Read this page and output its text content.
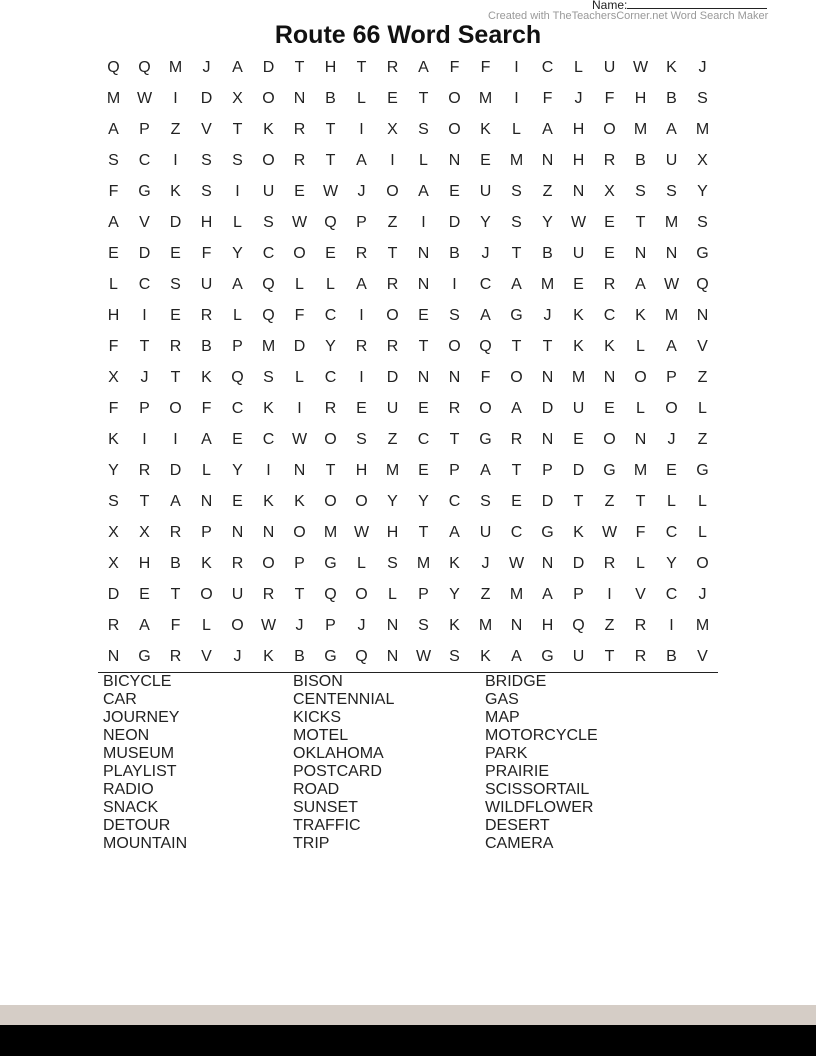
Name:
Created with TheTeachersCorner.net Word Search Maker
Route 66 Word Search
Q	Q	M	J	A	D	T	H	T	R	A	F	F	I	C	L	U	W	K	J
M	W	I	D	X	O	N	B	L	E	T	O	M	I	F	J	F	H	B	S
A	P	Z	V	T	K	R	T	I	X	S	O	K	L	A	H	O	M	A	M
S	C	I	S	S	O	R	T	A	I	L	N	E	M	N	H	R	B	U	X
F	G	K	S	I	U	E	W	J	O	A	E	U	S	Z	N	X	S	S	Y
A	V	D	H	L	S	W	Q	P	Z	I	D	Y	S	Y	W	E	T	M	S
E	D	E	F	Y	C	O	E	R	T	N	B	J	T	B	U	E	N	N	G
L	C	S	U	A	Q	L	L	A	R	N	I	C	A	M	E	R	A	W	Q
H	I	E	R	L	Q	F	C	I	O	E	S	A	G	J	K	C	K	M	N
F	T	R	B	P	M	D	Y	R	R	T	O	Q	T	T	K	K	L	A	V
X	J	T	K	Q	S	L	C	I	D	N	N	F	O	N	M	N	O	P	Z
F	P	O	F	C	K	I	R	E	U	E	R	O	A	D	U	E	L	O	L
K	I	I	A	E	C	W	O	S	Z	C	T	G	R	N	E	O	N	J	Z
Y	R	D	L	Y	I	N	T	H	M	E	P	A	T	P	D	G	M	E	G
S	T	A	N	E	K	K	O	O	Y	Y	C	S	E	D	T	Z	T	L	L
X	X	R	P	N	N	O	M	W	H	T	A	U	C	G	K	W	F	C	L
X	H	B	K	R	O	P	G	L	S	M	K	J	W	N	D	R	L	Y	O
D	E	T	O	U	R	T	Q	O	L	P	Y	Z	M	A	P	I	V	C	J
R	A	F	L	O	W	J	P	J	N	S	K	M	N	H	Q	Z	R	I	M
N	G	R	V	J	K	B	G	Q	N	W	S	K	A	G	U	T	R	B	V
BICYCLE
CAR
JOURNEY
NEON
MUSEUM
PLAYLIST
RADIO
SNACK
DETOUR
MOUNTAIN
BISON
CENTENNIAL
KICKS
MOTEL
OKLAHOMA
POSTCARD
ROAD
SUNSET
TRAFFIC
TRIP
BRIDGE
GAS
MAP
MOTORCYCLE
PARK
PRAIRIE
SCISSORTAIL
WILDFLOWER
DESERT
CAMERA
